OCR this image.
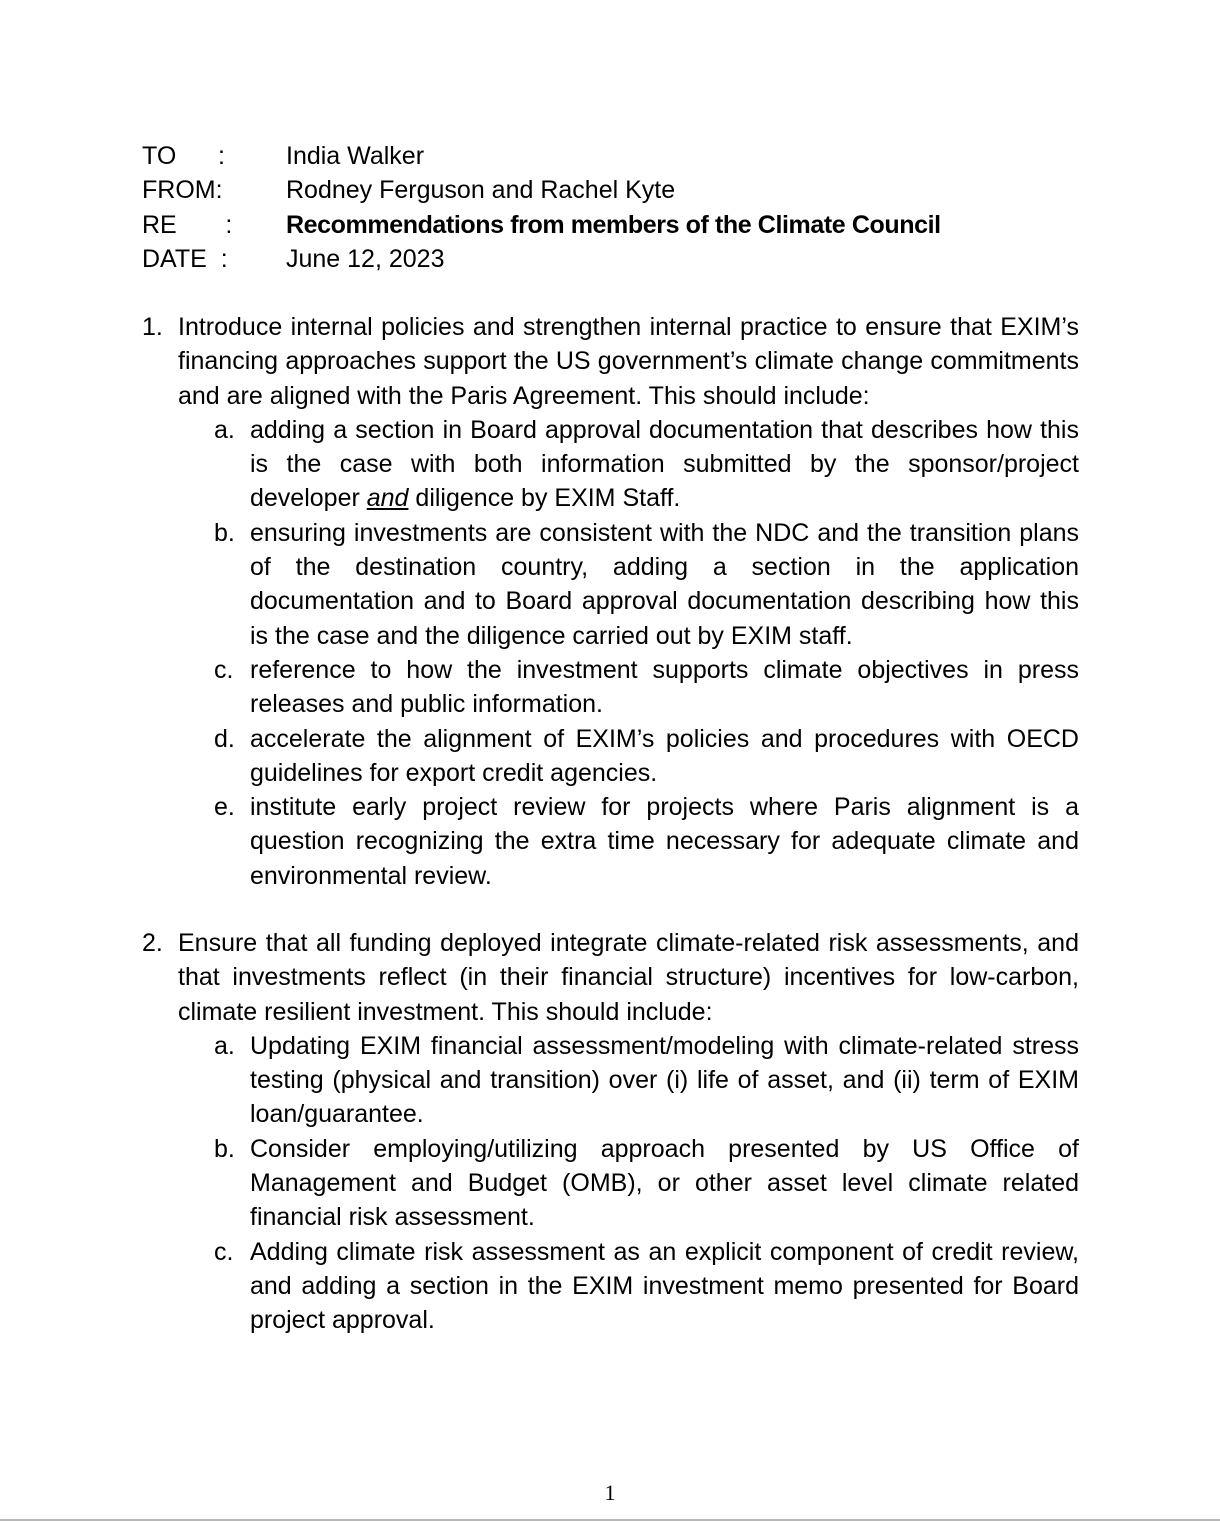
TO      :	India Walker
FROM:	Rodney Ferguson and Rachel Kyte
RE       :	Recommendations from members of the Climate Council
DATE  :	June 12, 2023
1. Introduce internal policies and strengthen internal practice to ensure that EXIM’s financing approaches support the US government’s climate change commitments and are aligned with the Paris Agreement. This should include:
a. adding a section in Board approval documentation that describes how this is the case with both information submitted by the sponsor/project developer and diligence by EXIM Staff.
b. ensuring investments are consistent with the NDC and the transition plans of the destination country, adding a section in the application documentation and to Board approval documentation describing how this is the case and the diligence carried out by EXIM staff.
c. reference to how the investment supports climate objectives in press releases and public information.
d. accelerate the alignment of EXIM’s policies and procedures with OECD guidelines for export credit agencies.
e. institute early project review for projects where Paris alignment is a question recognizing the extra time necessary for adequate climate and environmental review.
2. Ensure that all funding deployed integrate climate-related risk assessments, and that investments reflect (in their financial structure) incentives for low-carbon, climate resilient investment. This should include:
a. Updating EXIM financial assessment/modeling with climate-related stress testing (physical and transition) over (i) life of asset, and (ii) term of EXIM loan/guarantee.
b. Consider employing/utilizing approach presented by US Office of Management and Budget (OMB), or other asset level climate related financial risk assessment.
c. Adding climate risk assessment as an explicit component of credit review, and adding a section in the EXIM investment memo presented for Board project approval.
1
